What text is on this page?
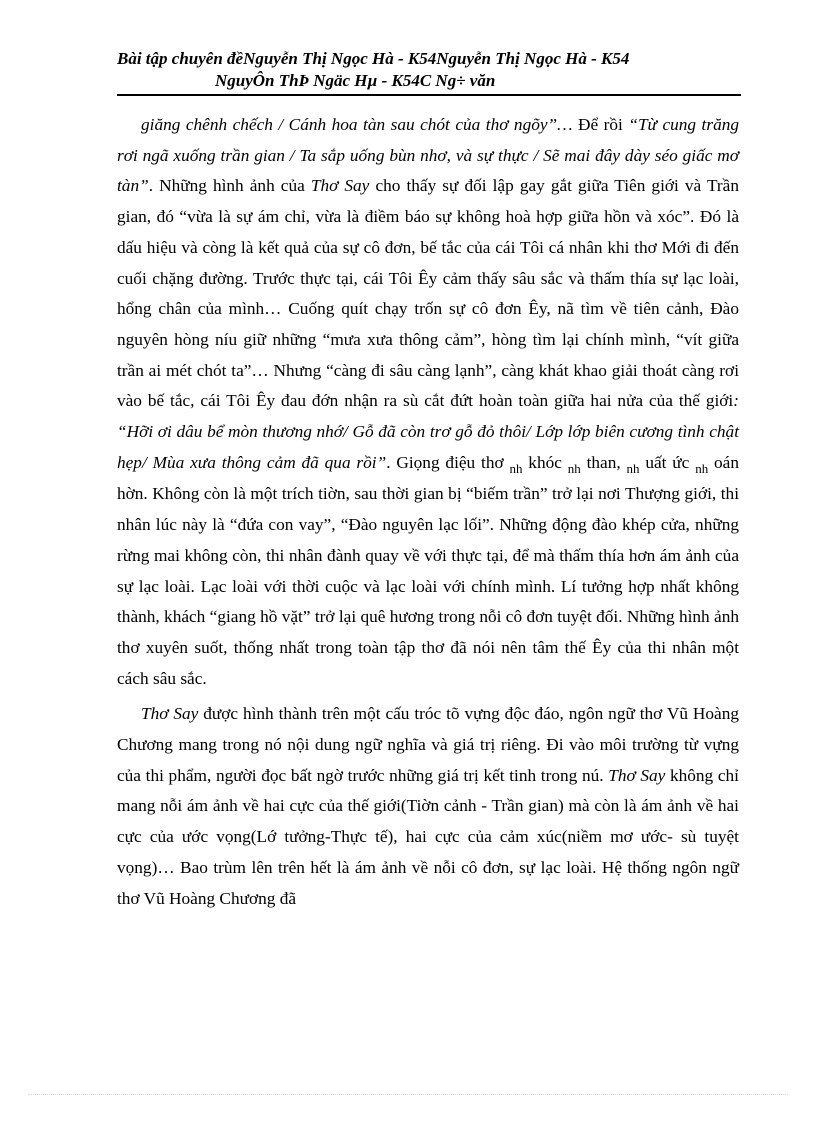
Bài tập chuyên đềNguyễn Thị Ngọc Hà - K54Nguyễn Thị Ngọc Hà - K54
NguyÔn ThÞ Ngäc Hµ - K54C Ng÷ văn

giăng chênh chếch / Cánh hoa tàn sau chót của thơ ngõy”… Để rồi “Từ cung trăng rơi ngã xuống trần gian / Ta sắp uống bùn nhơ, và sự thực / Sẽ mai đây dày séo giấc mơ tàn”. Những hình ảnh của Thơ Say cho thấy sự đối lập gay gắt giữa Tiên giới và Trần gian, đó “vừa là sự ám chỉ, vừa là điềm báo sự không hoà hợp giữa hồn và xóc”. Đó là dấu hiệu và còng là kết quả của sự cô đơn, bế tắc của cái Tôi cá nhân khi thơ Mới đi đến cuối chặng đường. Trước thực tại, cái Tôi Êy cảm thấy sâu sắc và thấm thía sự lạc loài, hổng chân của mình… Cuống quít chạy trốn sự cô đơn Êy, nã tìm về tiên cảnh, Đào nguyên hòng níu giữ những “mưa xưa thông cảm”, hòng tìm lại chính mình, “vít giữa trần ai mét chót ta”… Nhưng “càng đi sâu càng lạnh”, càng khát khao giải thoát càng rơi vào bế tắc, cái Tôi Êy đau đớn nhận ra sù cắt đứt hoàn toàn giữa hai nửa của thế giới: “Hỡi ơi dâu bể mòn thương nhớ/ Gỗ đã còn trơ gỗ đỏ thôi/ Lớp lớp biên cương tình chật hẹp/ Mùa xưa thông cảm đã qua rồi”. Giọng điệu thơ $_{nh}$ khóc $_{nh}$ than, $_{nh}$ uất ức $_{nh}$ oán hờn. Không còn là một trích tiờn, sau thời gian bị “biếm trần” trở lại nơi Thượng giới, thi nhân lúc này là “đứa con vay”, “Đào nguyên lạc lối”. Những động đào khép cửa, những rừng mai không còn, thi nhân đành quay về với thực tại, để mà thấm thía hơn ám ảnh của sự lạc loài. Lạc loài với thời cuộc và lạc loài với chính mình. Lí tưởng hợp nhất không thành, khách “giang hồ vặt” trở lại quê hương trong nỗi cô đơn tuyệt đối. Những hình ảnh thơ xuyên suốt, thống nhất trong toàn tập thơ đã nói nên tâm thế Êy của thi nhân một cách sâu sắc.

Thơ Say được hình thành trên một cấu tróc tõ vựng độc đáo, ngôn ngữ thơ Vũ Hoàng Chương mang trong nó nội dung ngữ nghĩa và giá trị riêng. Đi vào môi trường từ vựng của thi phẩm, người đọc bất ngờ trước những giá trị kết tinh trong nú. Thơ Say không chỉ mang nỗi ám ảnh về hai cực của thế giới(Tiờn cảnh - Trần gian) mà còn là ám ảnh về hai cực của ước vọng(Lớ tưởng-Thực tế), hai cực của cảm xúc(niềm mơ ước- sù tuyệt vọng)… Bao trùm lên trên hết là ám ảnh về nỗi cô đơn, sự lạc loài. Hệ thống ngôn ngữ thơ Vũ Hoàng Chương đã
